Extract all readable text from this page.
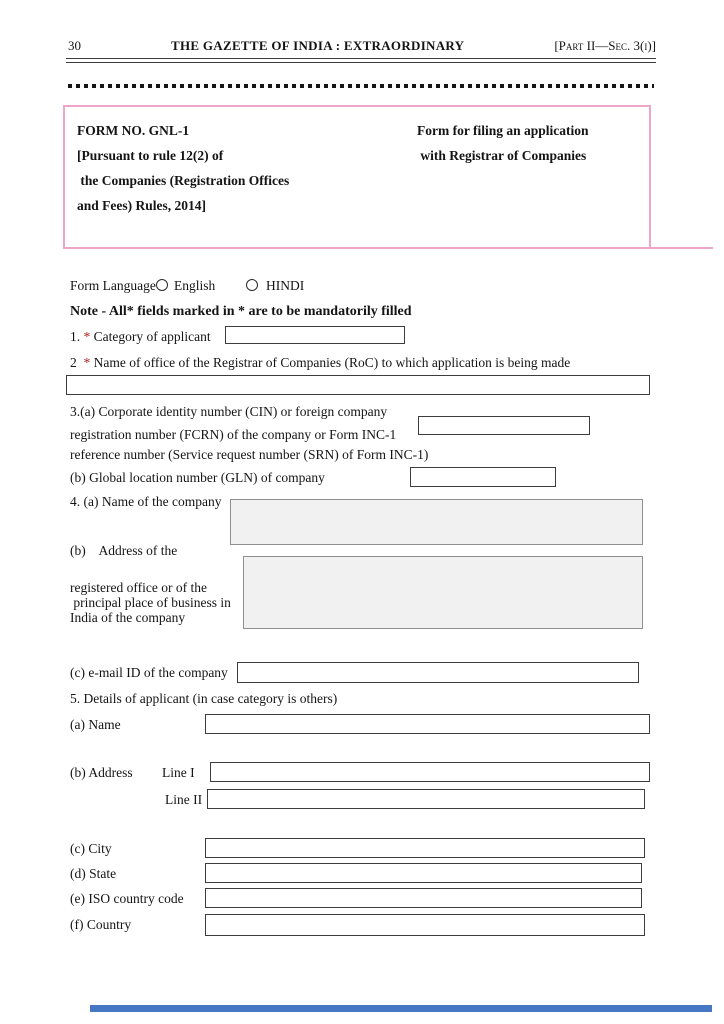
30	THE GAZETTE OF INDIA : EXTRAORDINARY	[Part II—Sec. 3(i)]
FORM NO. GNL-1
[Pursuant to rule 12(2) of
the Companies (Registration Offices
and Fees) Rules, 2014]
Form for filing an application
with Registrar of Companies
Form Language English	HINDI
Note - All* fields marked in * are to be mandatorily filled
1. * Category of applicant
2  * Name of office of the Registrar of Companies (RoC) to which application is being made
3.(a) Corporate identity number (CIN) or foreign company
registration number (FCRN) of the company or Form INC-1
reference number (Service request number (SRN) of Form INC-1)
(b) Global location number (GLN) of company
4. (a) Name of the company
(b)    Address of the
registered office or of the
principal place of business in
India of the company
(c) e-mail ID of the company
5. Details of applicant (in case category is others)
(a) Name
(b) Address Line I
Line II
(c) City
(d) State
(e) ISO country code
(f) Country
